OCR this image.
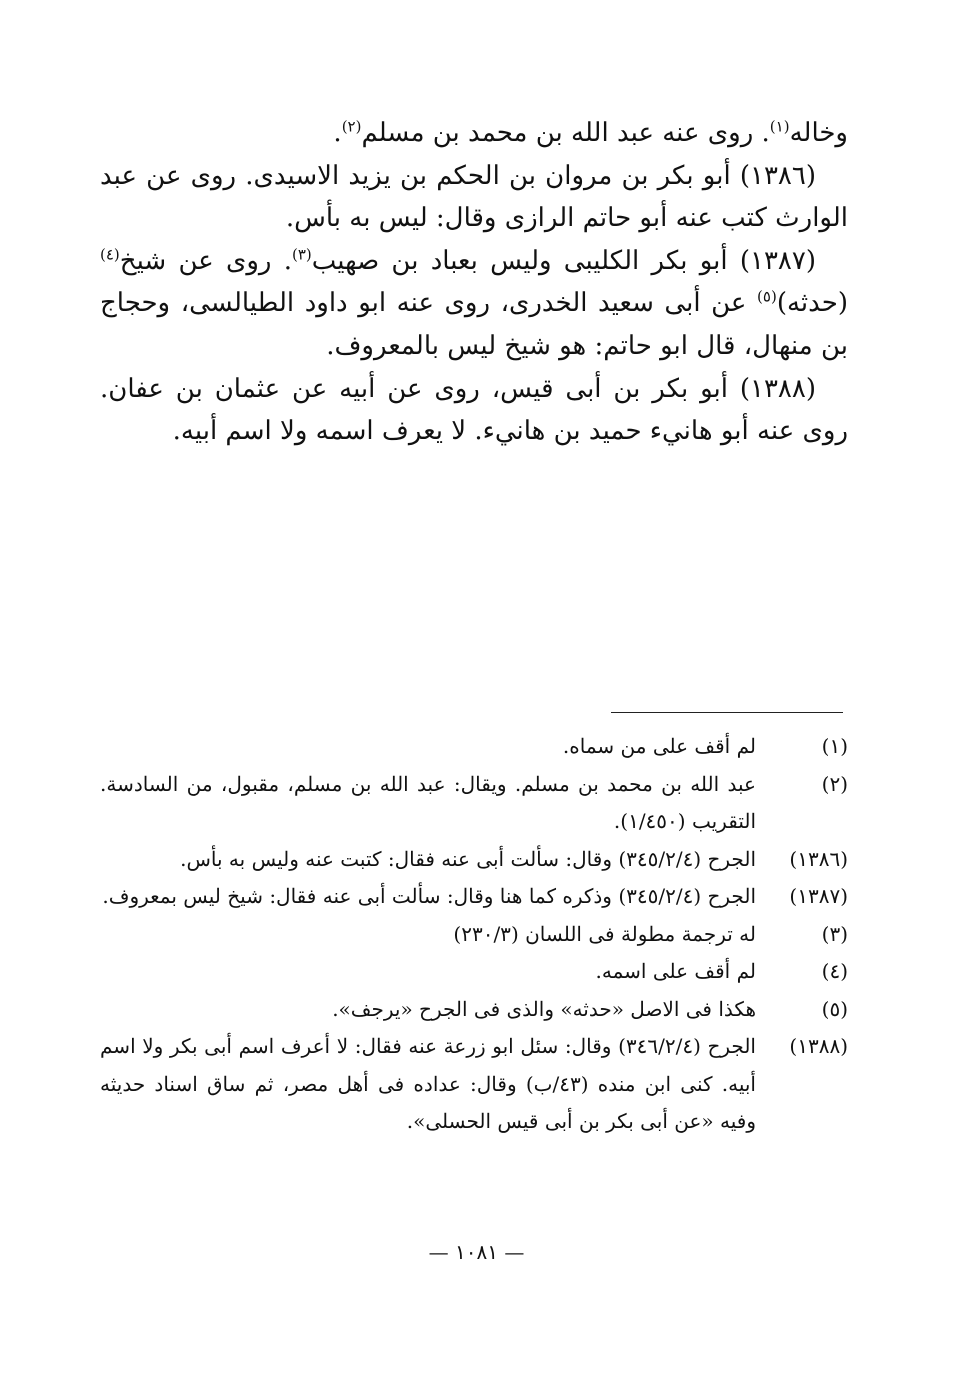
وخاله$^{(١)}$. روى عنه عبد الله بن محمد بن مسلم$^{(٢)}$.

(١٣٨٦) أبو بكر بن مروان بن الحكم بن يزيد الاسيدى. روى عن عبد الوارث كتب عنه أبو حاتم الرازى وقال: ليس به بأس.

(١٣٨٧) أبو بكر الكليبى وليس بعباد بن صهيب$^{(٣)}$. روى عن شيخ$^{(٤)}$ (حدثه)$^{(٥)}$ عن أبى سعيد الخدرى، روى عنه ابو داود الطيالسى، وحجاج بن منهال، قال ابو حاتم: هو شيخ ليس بالمعروف.

(١٣٨٨) أبو بكر بن أبى قيس، روى عن أبيه عن عثمان بن عفان. روى عنه أبو هانيء حميد بن هانيء. لا يعرف اسمه ولا اسم أبيه.

(١)
لم أقف على من سماه.
(٢)
عبد الله بن محمد بن مسلم. ويقال: عبد الله بن مسلم، مقبول، من السادسة. التقريب (١/٤٥٠).
(١٣٨٦)
الجرح (٣٤٥/٢/٤) وقال: سألت أبى عنه فقال: كتبت عنه وليس به بأس.
(١٣٨٧)
الجرح (٣٤٥/٢/٤) وذكره كما هنا وقال: سألت أبى عنه فقال: شيخ ليس بمعروف.
(٣)
له ترجمة مطولة فى اللسان (٢٣٠/٣)
(٤)
لم أقف على اسمه.
(٥)
هكذا فى الاصل «حدثه» والذى فى الجرح «يرجف».
(١٣٨٨)
الجرح (٣٤٦/٢/٤) وقال: سئل ابو زرعة عنه فقال: لا أعرف اسم أبى بكر ولا اسم أبيه. كنى ابن منده (٤٣/ب) وقال: عداده فى أهل مصر، ثم ساق اسناد حديثه وفيه «عن أبى بكر بن أبى قيس الحسلى».
— ١٠٨١ —
